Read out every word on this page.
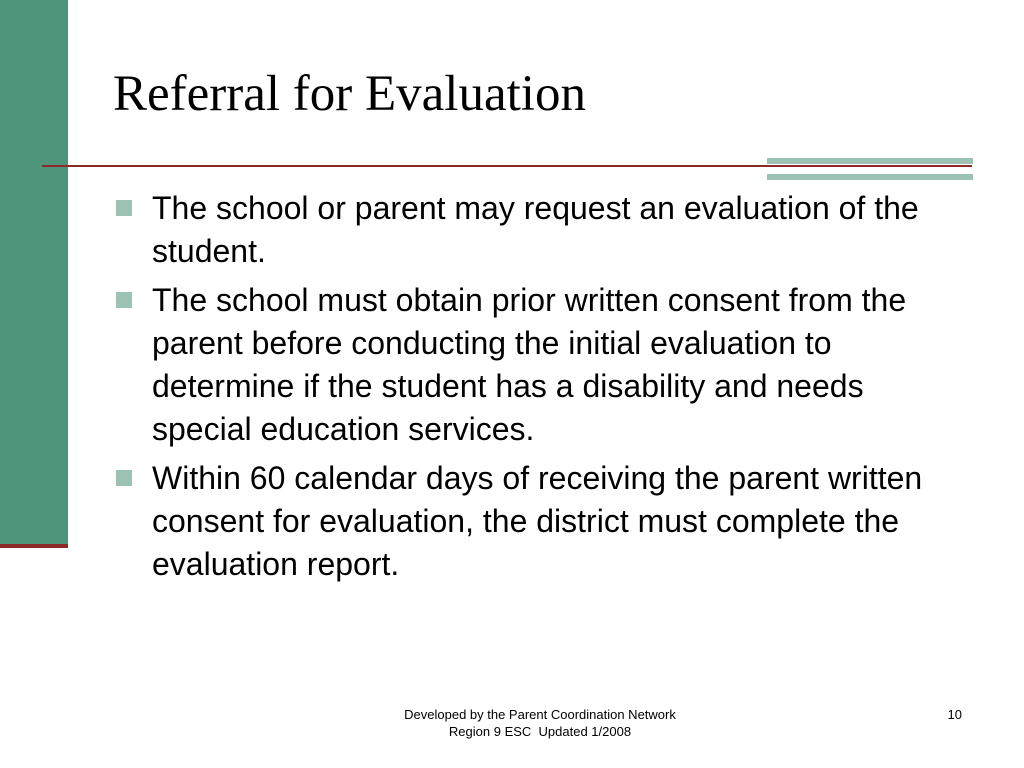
Referral for Evaluation
The school or parent may request an evaluation of the student.
The school must obtain prior written consent from the parent before conducting the initial evaluation to determine if the student has a disability and needs special education services.
Within 60 calendar days of receiving the parent written consent for evaluation, the district must complete the evaluation report.
Developed by the Parent Coordination Network
Region 9 ESC  Updated 1/2008
10
